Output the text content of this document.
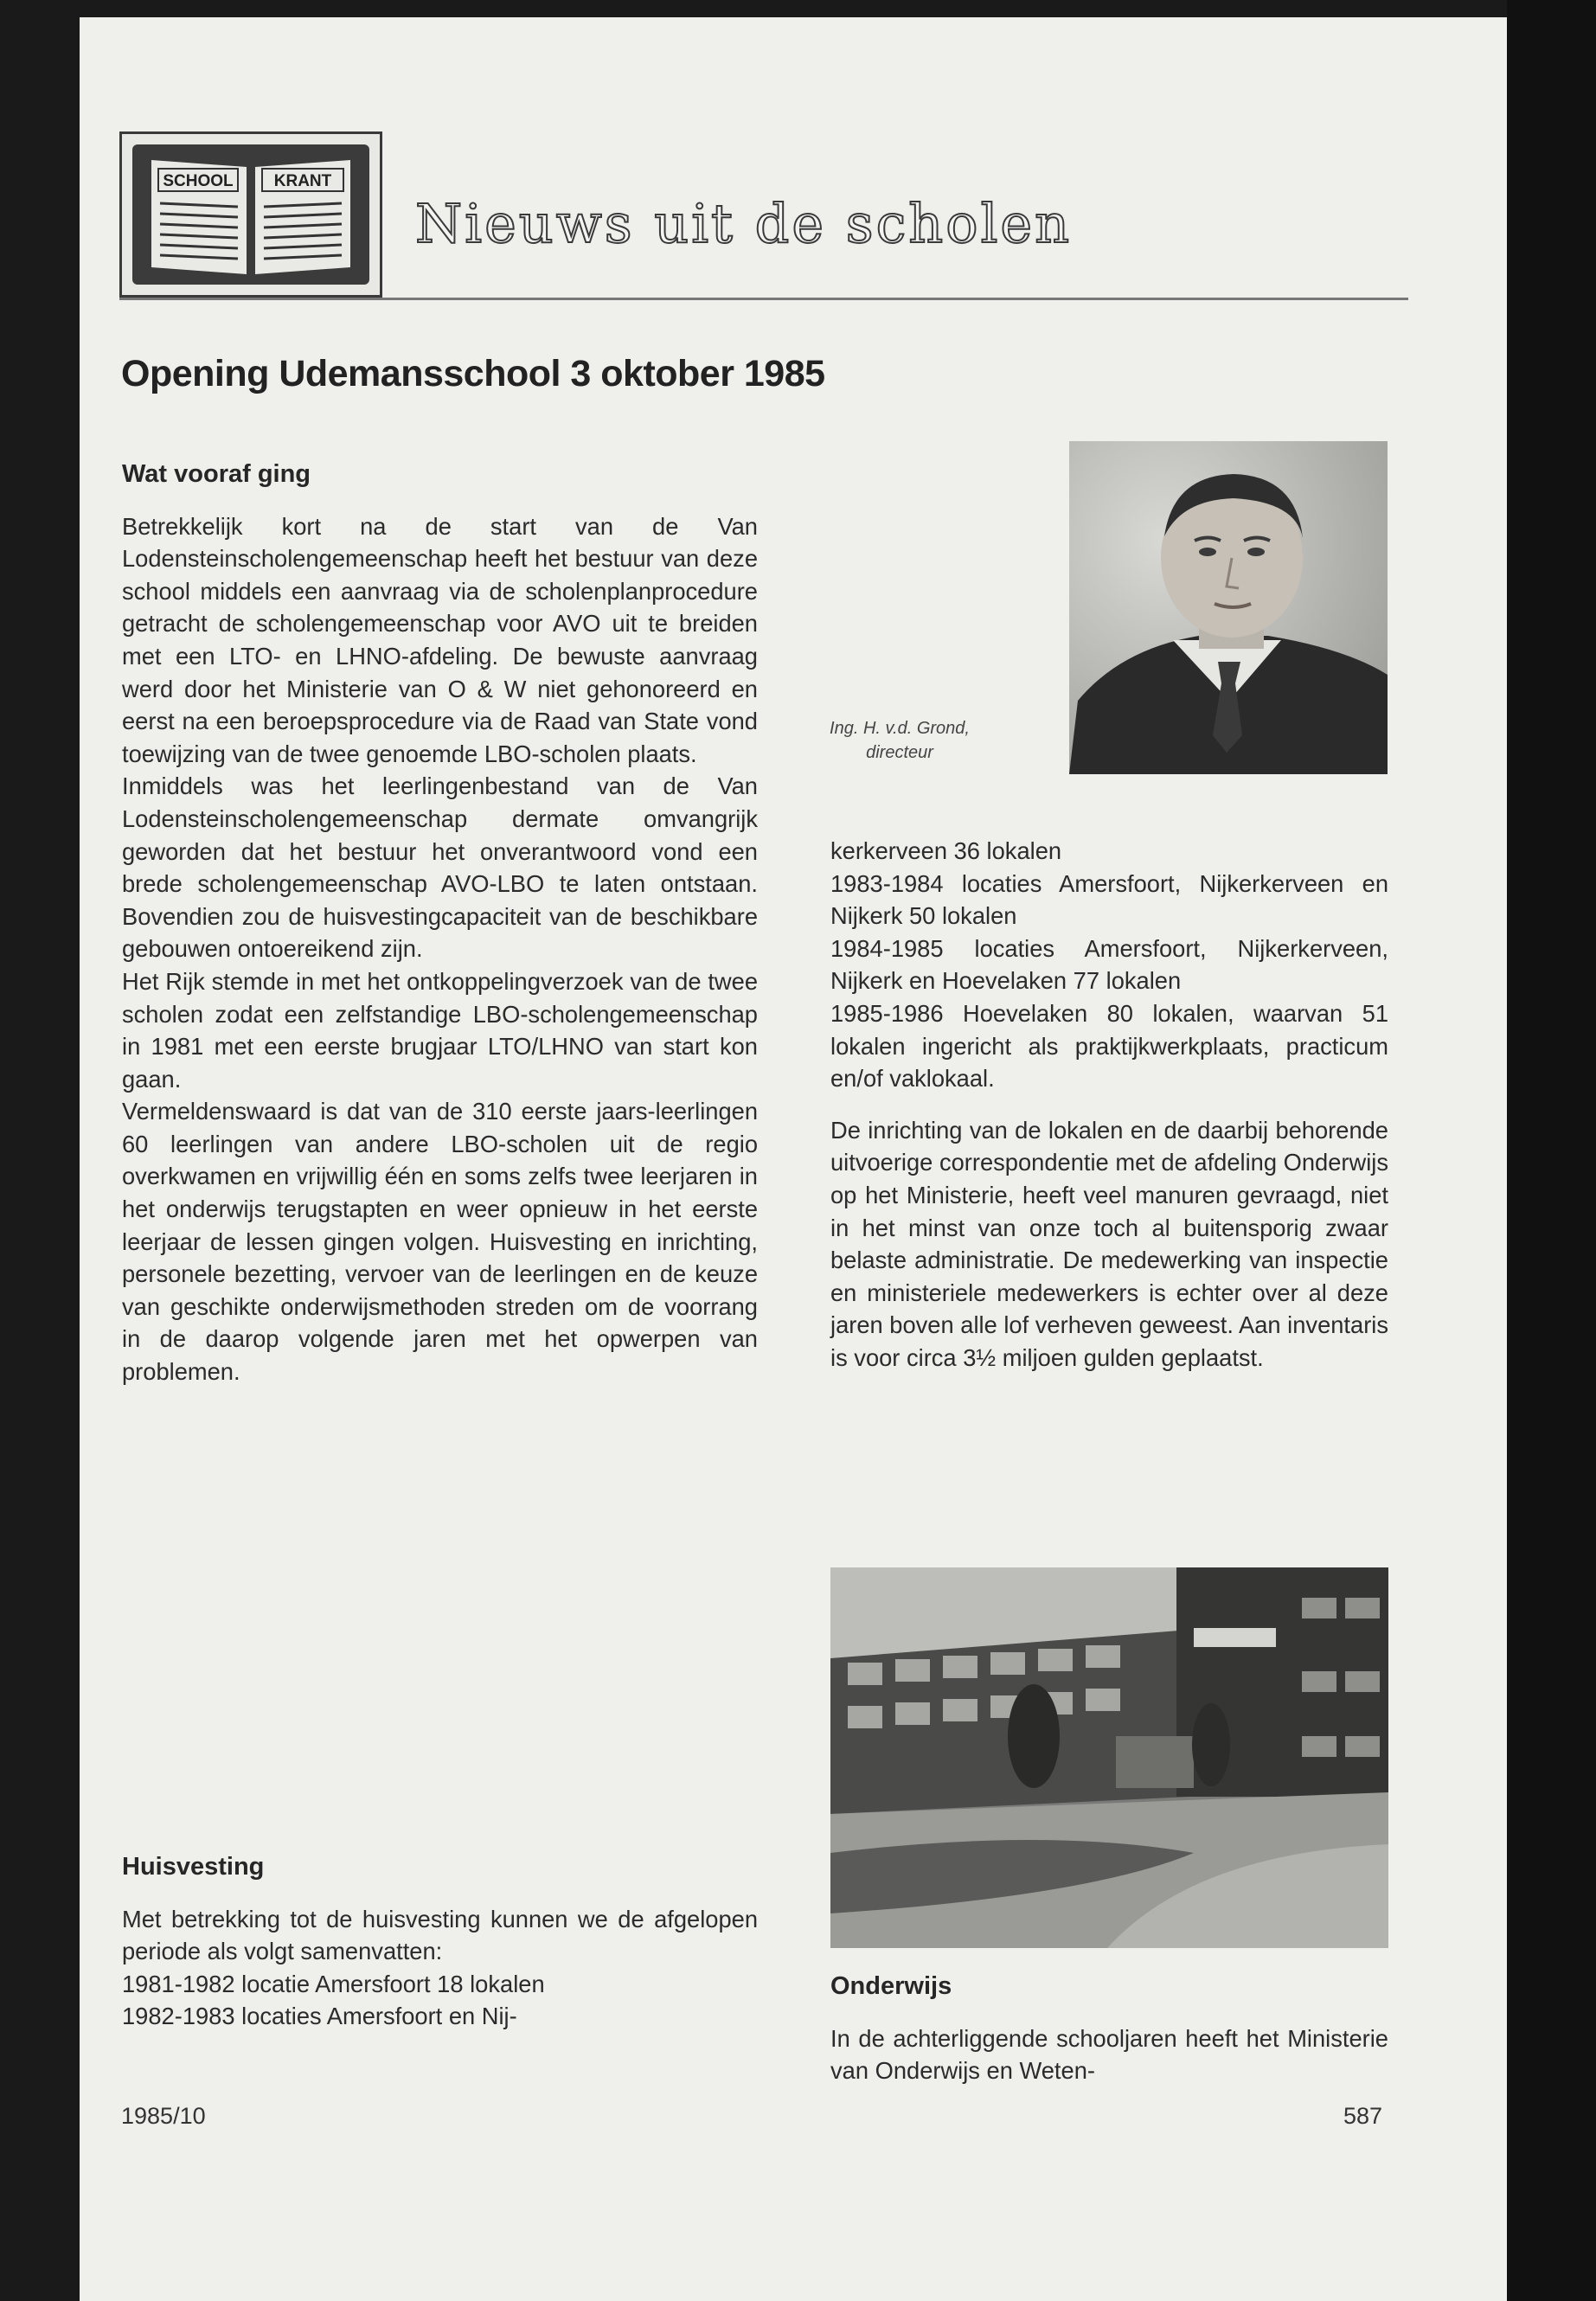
SCHOOL KRANT
Nieuws uit de scholen
Opening Udemansschool 3 oktober 1985
Wat vooraf ging

Betrekkelijk kort na de start van de Van Lodensteinscholengemeenschap heeft het bestuur van deze school middels een aanvraag via de scholenplanprocedure getracht de scholengemeenschap voor AVO uit te breiden met een LTO- en LHNO-afdeling. De bewuste aanvraag werd door het Ministerie van O & W niet gehonoreerd en eerst na een beroepsprocedure via de Raad van State vond toewijzing van de twee genoemde LBO-scholen plaats.

Inmiddels was het leerlingenbestand van de Van Lodensteinscholengemeenschap dermate omvangrijk geworden dat het bestuur het onverantwoord vond een brede scholengemeenschap AVO-LBO te laten ontstaan. Bovendien zou de huisvestingcapaciteit van de beschikbare gebouwen ontoereikend zijn.

Het Rijk stemde in met het ontkoppelingverzoek van de twee scholen zodat een zelfstandige LBO-scholengemeenschap in 1981 met een eerste brugjaar LTO/LHNO van start kon gaan.

Vermeldenswaard is dat van de 310 eerste jaars-leerlingen 60 leerlingen van andere LBO-scholen uit de regio overkwamen en vrijwillig één en soms zelfs twee leerjaren in het onderwijs terugstapten en weer opnieuw in het eerste leerjaar de lessen gingen volgen. Huisvesting en inrichting, personele bezetting, vervoer van de leerlingen en de keuze van geschikte onderwijsmethoden streden om de voorrang in de daarop volgende jaren met het opwerpen van problemen.

Huisvesting

Met betrekking tot de huisvesting kunnen we de afgelopen periode als volgt samenvatten:

1981-1982 locatie Amersfoort 18 lokalen

1982-1983 locaties Amersfoort en Nij-

Ing. H. v.d. Grond,
directeur

kerkerveen 36 lokalen

1983-1984 locaties Amersfoort, Nijkerkerveen en Nijkerk 50 lokalen

1984-1985 locaties Amersfoort, Nijkerkerveen, Nijkerk en Hoevelaken 77 lokalen

1985-1986 Hoevelaken 80 lokalen, waarvan 51 lokalen ingericht als praktijkwerkplaats, practicum en/of vaklokaal.

De inrichting van de lokalen en de daarbij behorende uitvoerige correspondentie met de afdeling Onderwijs op het Ministerie, heeft veel manuren gevraagd, niet in het minst van onze toch al buitensporig zwaar belaste administratie. De medewerking van inspectie en ministeriele medewerkers is echter over al deze jaren boven alle lof verheven geweest. Aan inventaris is voor circa 3½ miljoen gulden geplaatst.

Onderwijs

In de achterliggende schooljaren heeft het Ministerie van Onderwijs en Weten-

1985/10	587
